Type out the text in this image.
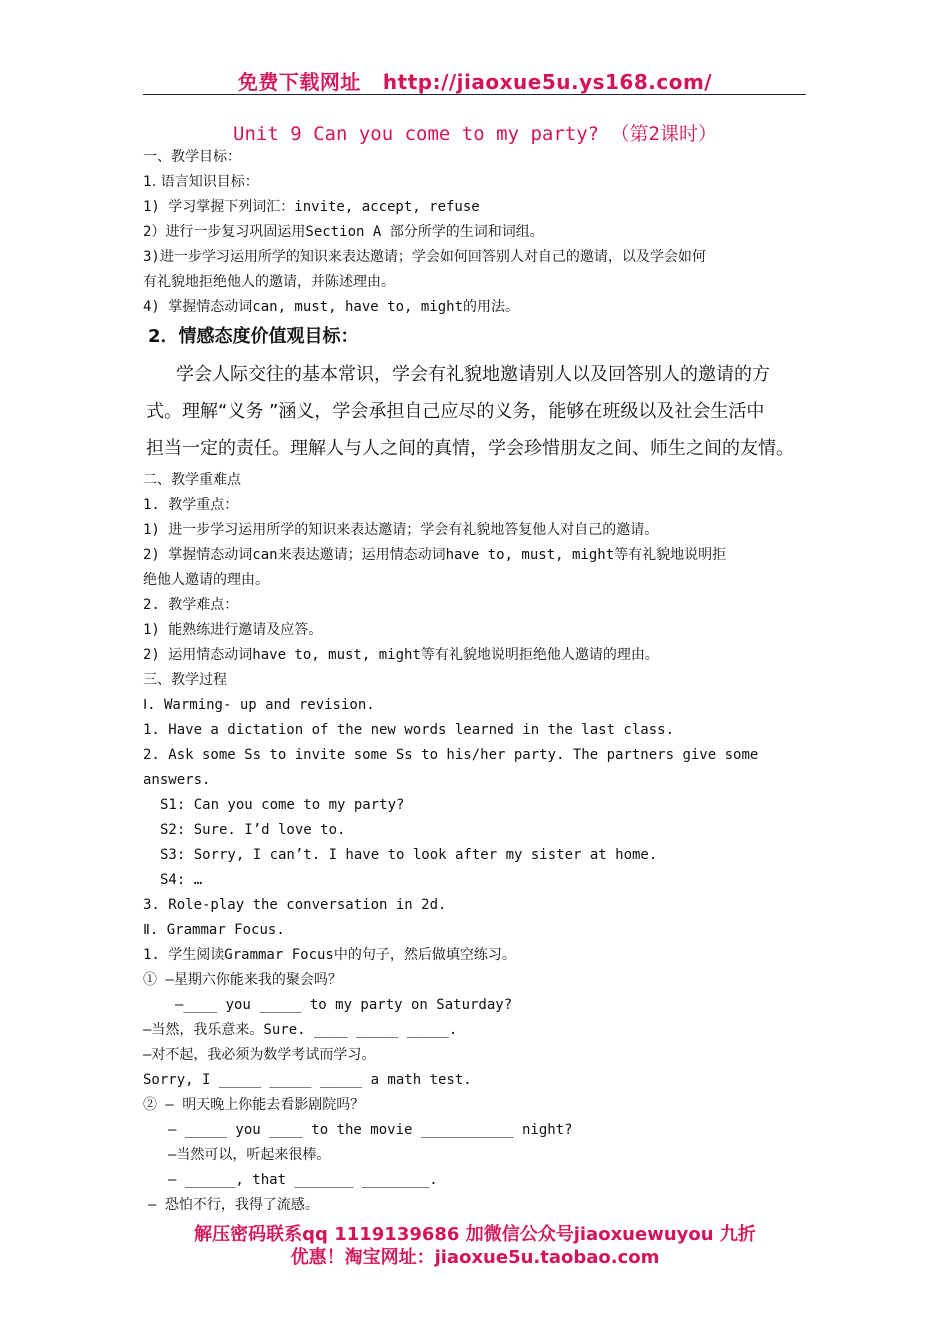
免费下载网址 http://jiaoxue5u.ys168.com/
Unit 9 Can you come to my party? （第2课时）
一、教学目标：
1. 语言知识目标：
1) 学习掌握下列词汇：invite, accept, refuse
2）进行一步复习巩固运用Section A 部分所学的生词和词组。
3)进一步学习运用所学的知识来表达邀请；学会如何回答别人对自己的邀请，以及学会如何
有礼貌地拒绝他人的邀请，并陈述理由。
4) 掌握情态动词can, must, have to, might的用法。
2．情感态度价值观目标：
学会人际交往的基本常识，学会有礼貌地邀请别人以及回答别人的邀请的方
式。理解“义务 ”涵义，学会承担自己应尽的义务，能够在班级以及社会生活中
担当一定的责任。理解人与人之间的真情，学会珍惜朋友之间、师生之间的友情。
二、教学重难点
1. 教学重点：
1) 进一步学习运用所学的知识来表达邀请；学会有礼貌地答复他人对自己的邀请。
2) 掌握情态动词can来表达邀请；运用情态动词have to, must, might等有礼貌地说明拒
绝他人邀请的理由。
2. 教学难点：
1) 能熟练进行邀请及应答。
2) 运用情态动词have to, must, might等有礼貌地说明拒绝他人邀请的理由。
三、教学过程
Ⅰ. Warming- up and revision.
1. Have a dictation of the new words learned in the last class.
2. Ask some Ss to invite some Ss to his/her party. The partners give some
answers.
S1: Can you come to my party?
S2: Sure. I’d love to.
S3: Sorry, I can’t. I have to look after my sister at home.
S4: …
3. Role-play the conversation in 2d.
Ⅱ. Grammar Focus.
1. 学生阅读Grammar Focus中的句子，然后做填空练习。
① —星期六你能来我的聚会吗？
—____ you _____ to my party on Saturday?
—当然，我乐意来。Sure. ____ _____ _____.
—对不起，我必须为数学考试而学习。
Sorry, I _____ _____ _____ a math test.
② — 明天晚上你能去看影剧院吗？
— _____ you ____ to the movie ___________ night?
—当然可以，听起来很棒。
— ______, that _______ ________.
— 恐怕不行，我得了流感。
解压密码联系qq 1119139686 加微信公众号jiaoxuewuyou 九折
优惠！淘宝网址：jiaoxue5u.taobao.com
